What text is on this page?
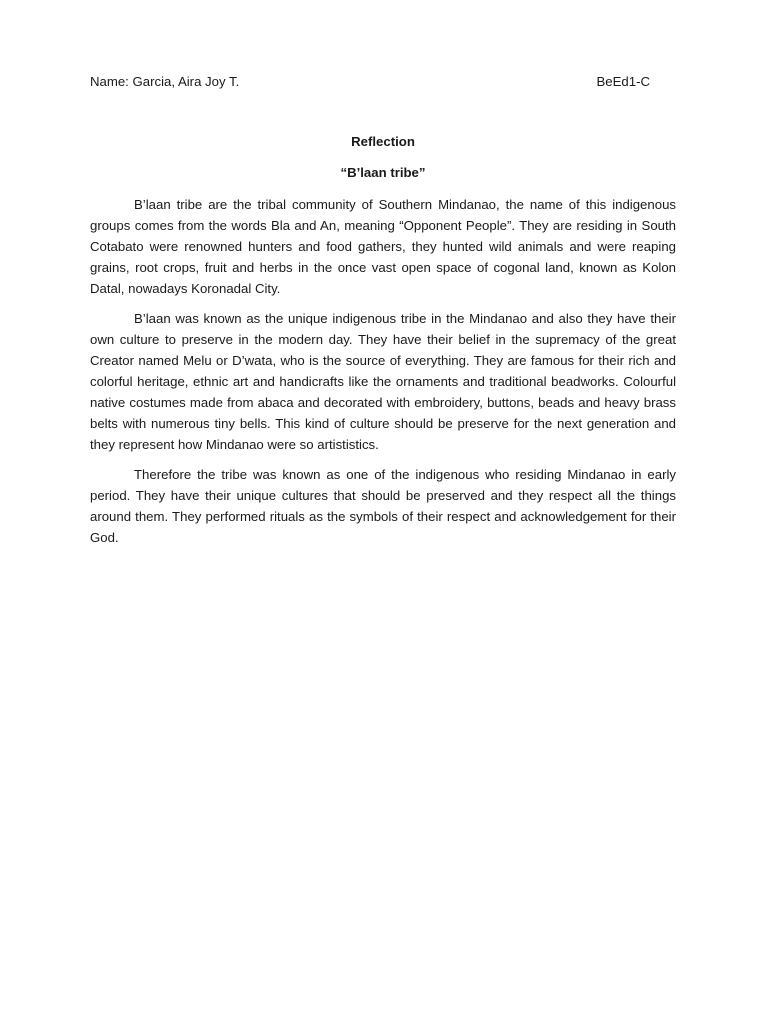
Name: Garcia, Aira Joy T.	BeEd1-C
Reflection
“B’laan tribe”

B’laan tribe are the tribal community of Southern Mindanao, the name of this indigenous groups comes from the words Bla and An, meaning “Opponent People”. They are residing in South Cotabato were renowned hunters and food gathers, they hunted wild animals and were reaping grains, root crops, fruit and herbs in the once vast open space of cogonal land, known as Kolon Datal, nowadays Koronadal City.

B’laan was known as the unique indigenous tribe in the Mindanao and also they have their own culture to preserve in the modern day. They have their belief in the supremacy of the great Creator named Melu or D’wata, who is the source of everything. They are famous for their rich and colorful heritage, ethnic art and handicrafts like the ornaments and traditional beadworks. Colourful native costumes made from abaca and decorated with embroidery, buttons, beads and heavy brass belts with numerous tiny bells. This kind of culture should be preserve for the next generation and they represent how Mindanao were so artististics.

Therefore the tribe was known as one of the indigenous who residing Mindanao in early period. They have their unique cultures that should be preserved and they respect all the things around them. They performed rituals as the symbols of their respect and acknowledgement for their God.
